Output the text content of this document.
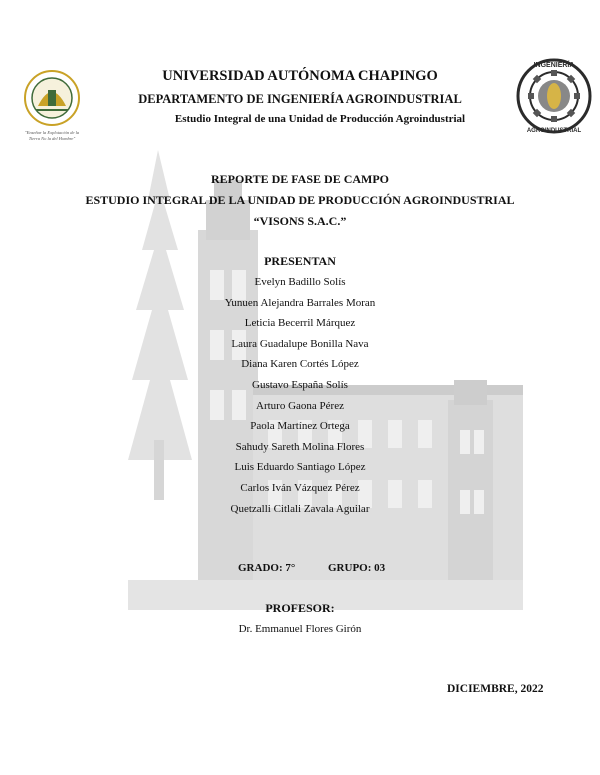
"Enseñar la Explotación de la
Tierra No la del Hombre"
INGENIERÍA
AGROINDUSTRIAL
UNIVERSIDAD AUTÓNOMA CHAPINGO
DEPARTAMENTO DE INGENIERÍA AGROINDUSTRIAL
Estudio Integral de una Unidad de Producción Agroindustrial
REPORTE DE FASE DE CAMPO
ESTUDIO INTEGRAL DE LA UNIDAD DE PRODUCCIÓN AGROINDUSTRIAL
“VISONS S.A.C.”
PRESENTAN
Evelyn Badillo Solís
Yunuen Alejandra Barrales Moran
Leticia Becerril Márquez
Laura Guadalupe Bonilla Nava
Diana Karen Cortés López
Gustavo España Solís
Arturo Gaona Pérez
Paola Martínez Ortega
Sahudy Sareth Molina Flores
Luis Eduardo Santiago López
Carlos Iván Vázquez Pérez
Quetzalli Citlali Zavala Aguilar
GRADO: 7°	GRUPO: 03
PROFESOR:
Dr. Emmanuel Flores Girón
DICIEMBRE, 2022
